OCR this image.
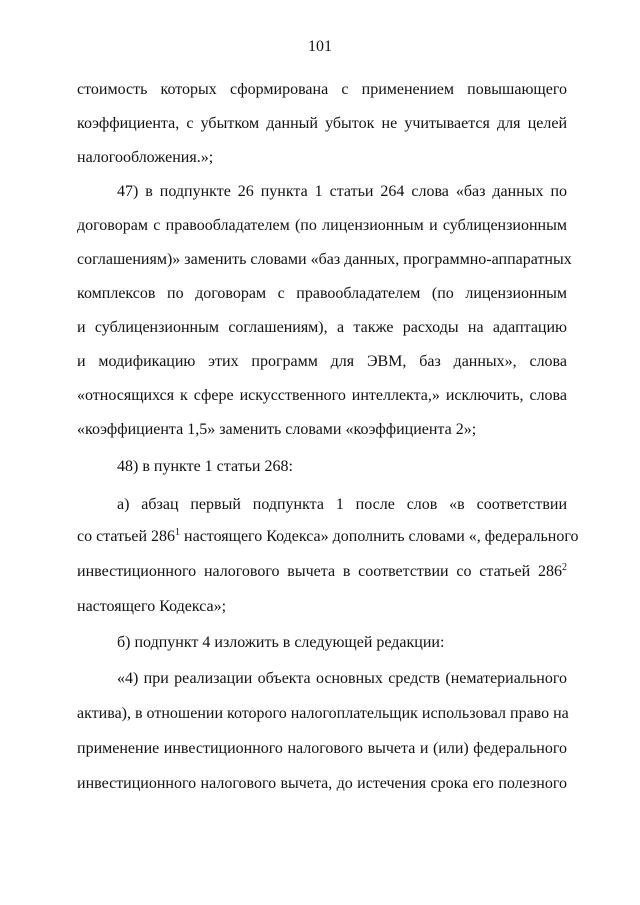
101
стоимость которых сформирована с применением повышающего
коэффициента, с убытком данный убыток не учитывается для целей
налогообложения.»;
47) в подпункте 26 пункта 1 статьи 264 слова «баз данных по
договорам с правообладателем (по лицензионным и сублицензионным
соглашениям)» заменить словами «баз данных, программно-аппаратных
комплексов по договорам с правообладателем (по лицензионным
и сублицензионным соглашениям), а также расходы на адаптацию
и модификацию этих программ для ЭВМ, баз данных», слова
«относящихся к сфере искусственного интеллекта,» исключить, слова
«коэффициента 1,5» заменить словами «коэффициента 2»;
48) в пункте 1 статьи 268:
а) абзац первый подпункта 1 после слов «в соответствии
со статьей $286^1$ настоящего Кодекса» дополнить словами «, федерального
инвестиционного налогового вычета в соответствии со статьей $286^2$
настоящего Кодекса»;
б) подпункт 4 изложить в следующей редакции:
«4) при реализации объекта основных средств (нематериального
актива), в отношении которого налогоплательщик использовал право на
применение инвестиционного налогового вычета и (или) федерального
инвестиционного налогового вычета, до истечения срока его полезного
